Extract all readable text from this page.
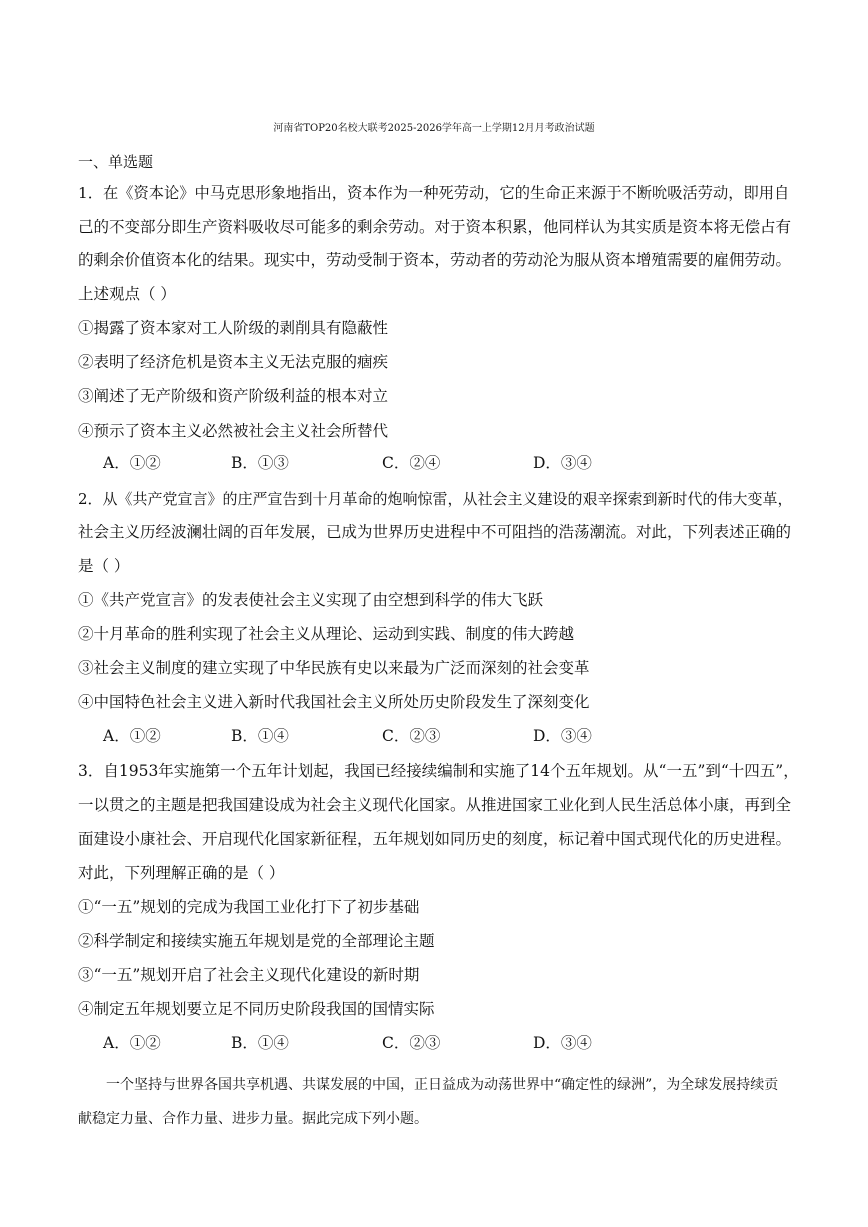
河南省TOP20名校大联考2025-2026学年高一上学期12月月考政治试题
一、单选题
1．在《资本论》中马克思形象地指出，资本作为一种死劳动，它的生命正来源于不断吮吸活劳动，即用自
己的不变部分即生产资料吸收尽可能多的剩余劳动。对于资本积累，他同样认为其实质是资本将无偿占有
的剩余价值资本化的结果。现实中，劳动受制于资本，劳动者的劳动沦为服从资本增殖需要的雇佣劳动。
上述观点（ ）
①揭露了资本家对工人阶级的剥削具有隐蔽性
②表明了经济危机是资本主义无法克服的痼疾
③阐述了无产阶级和资产阶级利益的根本对立
④预示了资本主义必然被社会主义社会所替代
A．①②	B．①③	C．②④	D．③④
2．从《共产党宣言》的庄严宣告到十月革命的炮响惊雷，从社会主义建设的艰辛探索到新时代的伟大变革，
社会主义历经波澜壮阔的百年发展，已成为世界历史进程中不可阻挡的浩荡潮流。对此，下列表述正确的
是（ ）
①《共产党宣言》的发表使社会主义实现了由空想到科学的伟大飞跃
②十月革命的胜利实现了社会主义从理论、运动到实践、制度的伟大跨越
③社会主义制度的建立实现了中华民族有史以来最为广泛而深刻的社会变革
④中国特色社会主义进入新时代我国社会主义所处历史阶段发生了深刻变化
A．①②	B．①④	C．②③	D．③④
3．自1953年实施第一个五年计划起，我国已经接续编制和实施了14个五年规划。从“一五”到“十四五”，
一以贯之的主题是把我国建设成为社会主义现代化国家。从推进国家工业化到人民生活总体小康，再到全
面建设小康社会、开启现代化国家新征程，五年规划如同历史的刻度，标记着中国式现代化的历史进程。
对此，下列理解正确的是（ ）
①“一五”规划的完成为我国工业化打下了初步基础
②科学制定和接续实施五年规划是党的全部理论主题
③“一五”规划开启了社会主义现代化建设的新时期
④制定五年规划要立足不同历史阶段我国的国情实际
A．①②	B．①④	C．②③	D．③④
一个坚持与世界各国共享机遇、共谋发展的中国，正日益成为动荡世界中“确定性的绿洲”，为全球发展持续贡献稳定力量、合作力量、进步力量。据此完成下列小题。
